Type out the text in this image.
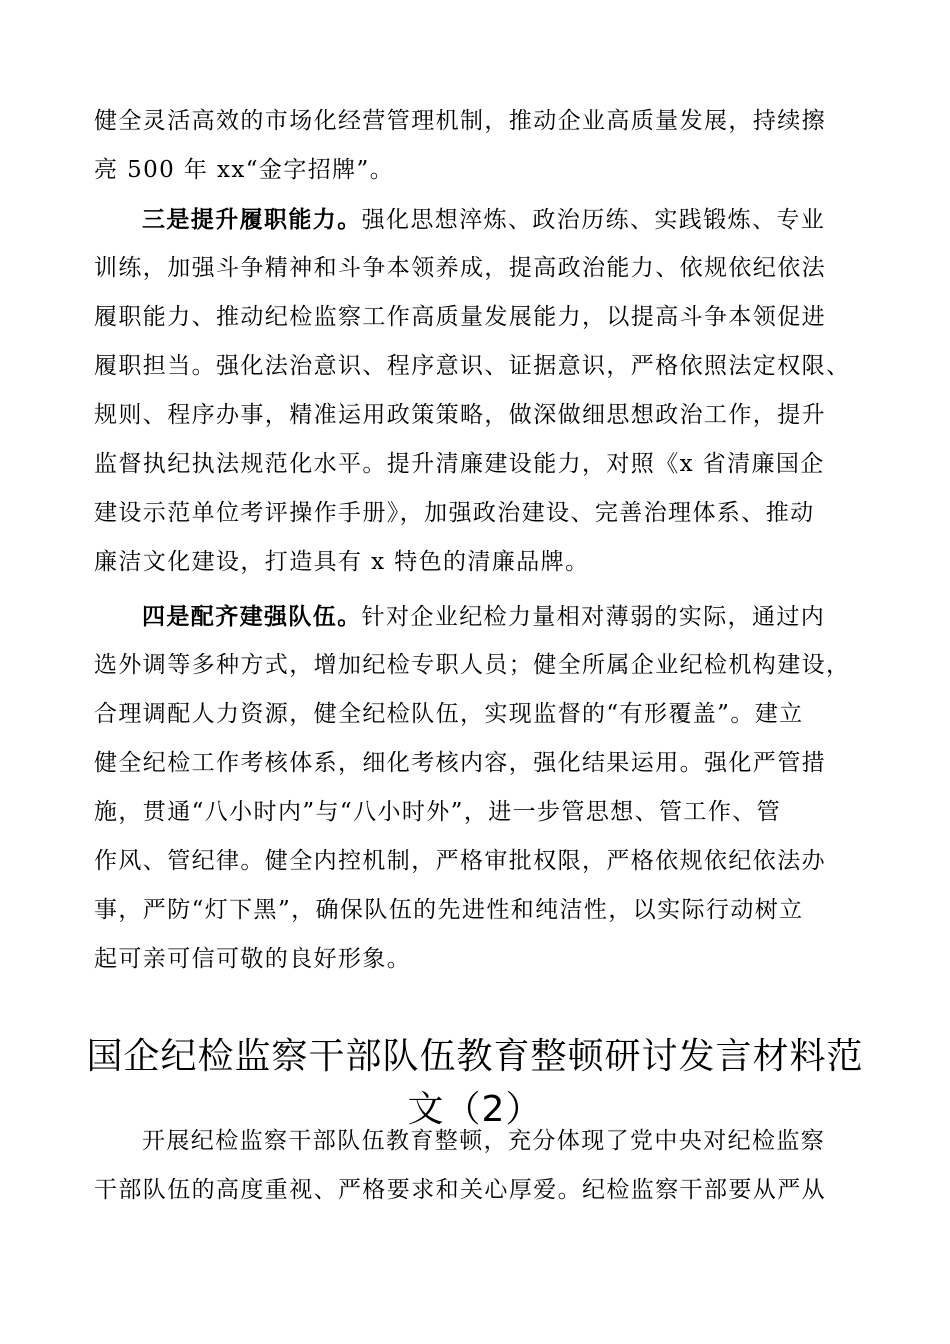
健全灵活高效的市场化经营管理机制，推动企业高质量发展，持续擦
亮 500 年 xx“金字招牌”。
三是提升履职能力。强化思想淬炼、政治历练、实践锻炼、专业
训练，加强斗争精神和斗争本领养成，提高政治能力、依规依纪依法
履职能力、推动纪检监察工作高质量发展能力，以提高斗争本领促进
履职担当。强化法治意识、程序意识、证据意识，严格依照法定权限、
规则、程序办事，精准运用政策策略，做深做细思想政治工作，提升
监督执纪执法规范化水平。提升清廉建设能力，对照《x 省清廉国企
建设示范单位考评操作手册》，加强政治建设、完善治理体系、推动
廉洁文化建设，打造具有 x 特色的清廉品牌。
四是配齐建强队伍。针对企业纪检力量相对薄弱的实际，通过内
选外调等多种方式，增加纪检专职人员；健全所属企业纪检机构建设，
合理调配人力资源，健全纪检队伍，实现监督的“有形覆盖”。建立
健全纪检工作考核体系，细化考核内容，强化结果运用。强化严管措
施，贯通“八小时内”与“八小时外”，进一步管思想、管工作、管
作风、管纪律。健全内控机制，严格审批权限，严格依规依纪依法办
事，严防“灯下黑”，确保队伍的先进性和纯洁性，以实际行动树立
起可亲可信可敬的良好形象。
国企纪检监察干部队伍教育整顿研讨发言材料范
文（2）
开展纪检监察干部队伍教育整顿，充分体现了党中央对纪检监察
干部队伍的高度重视、严格要求和关心厚爱。纪检监察干部要从严从
